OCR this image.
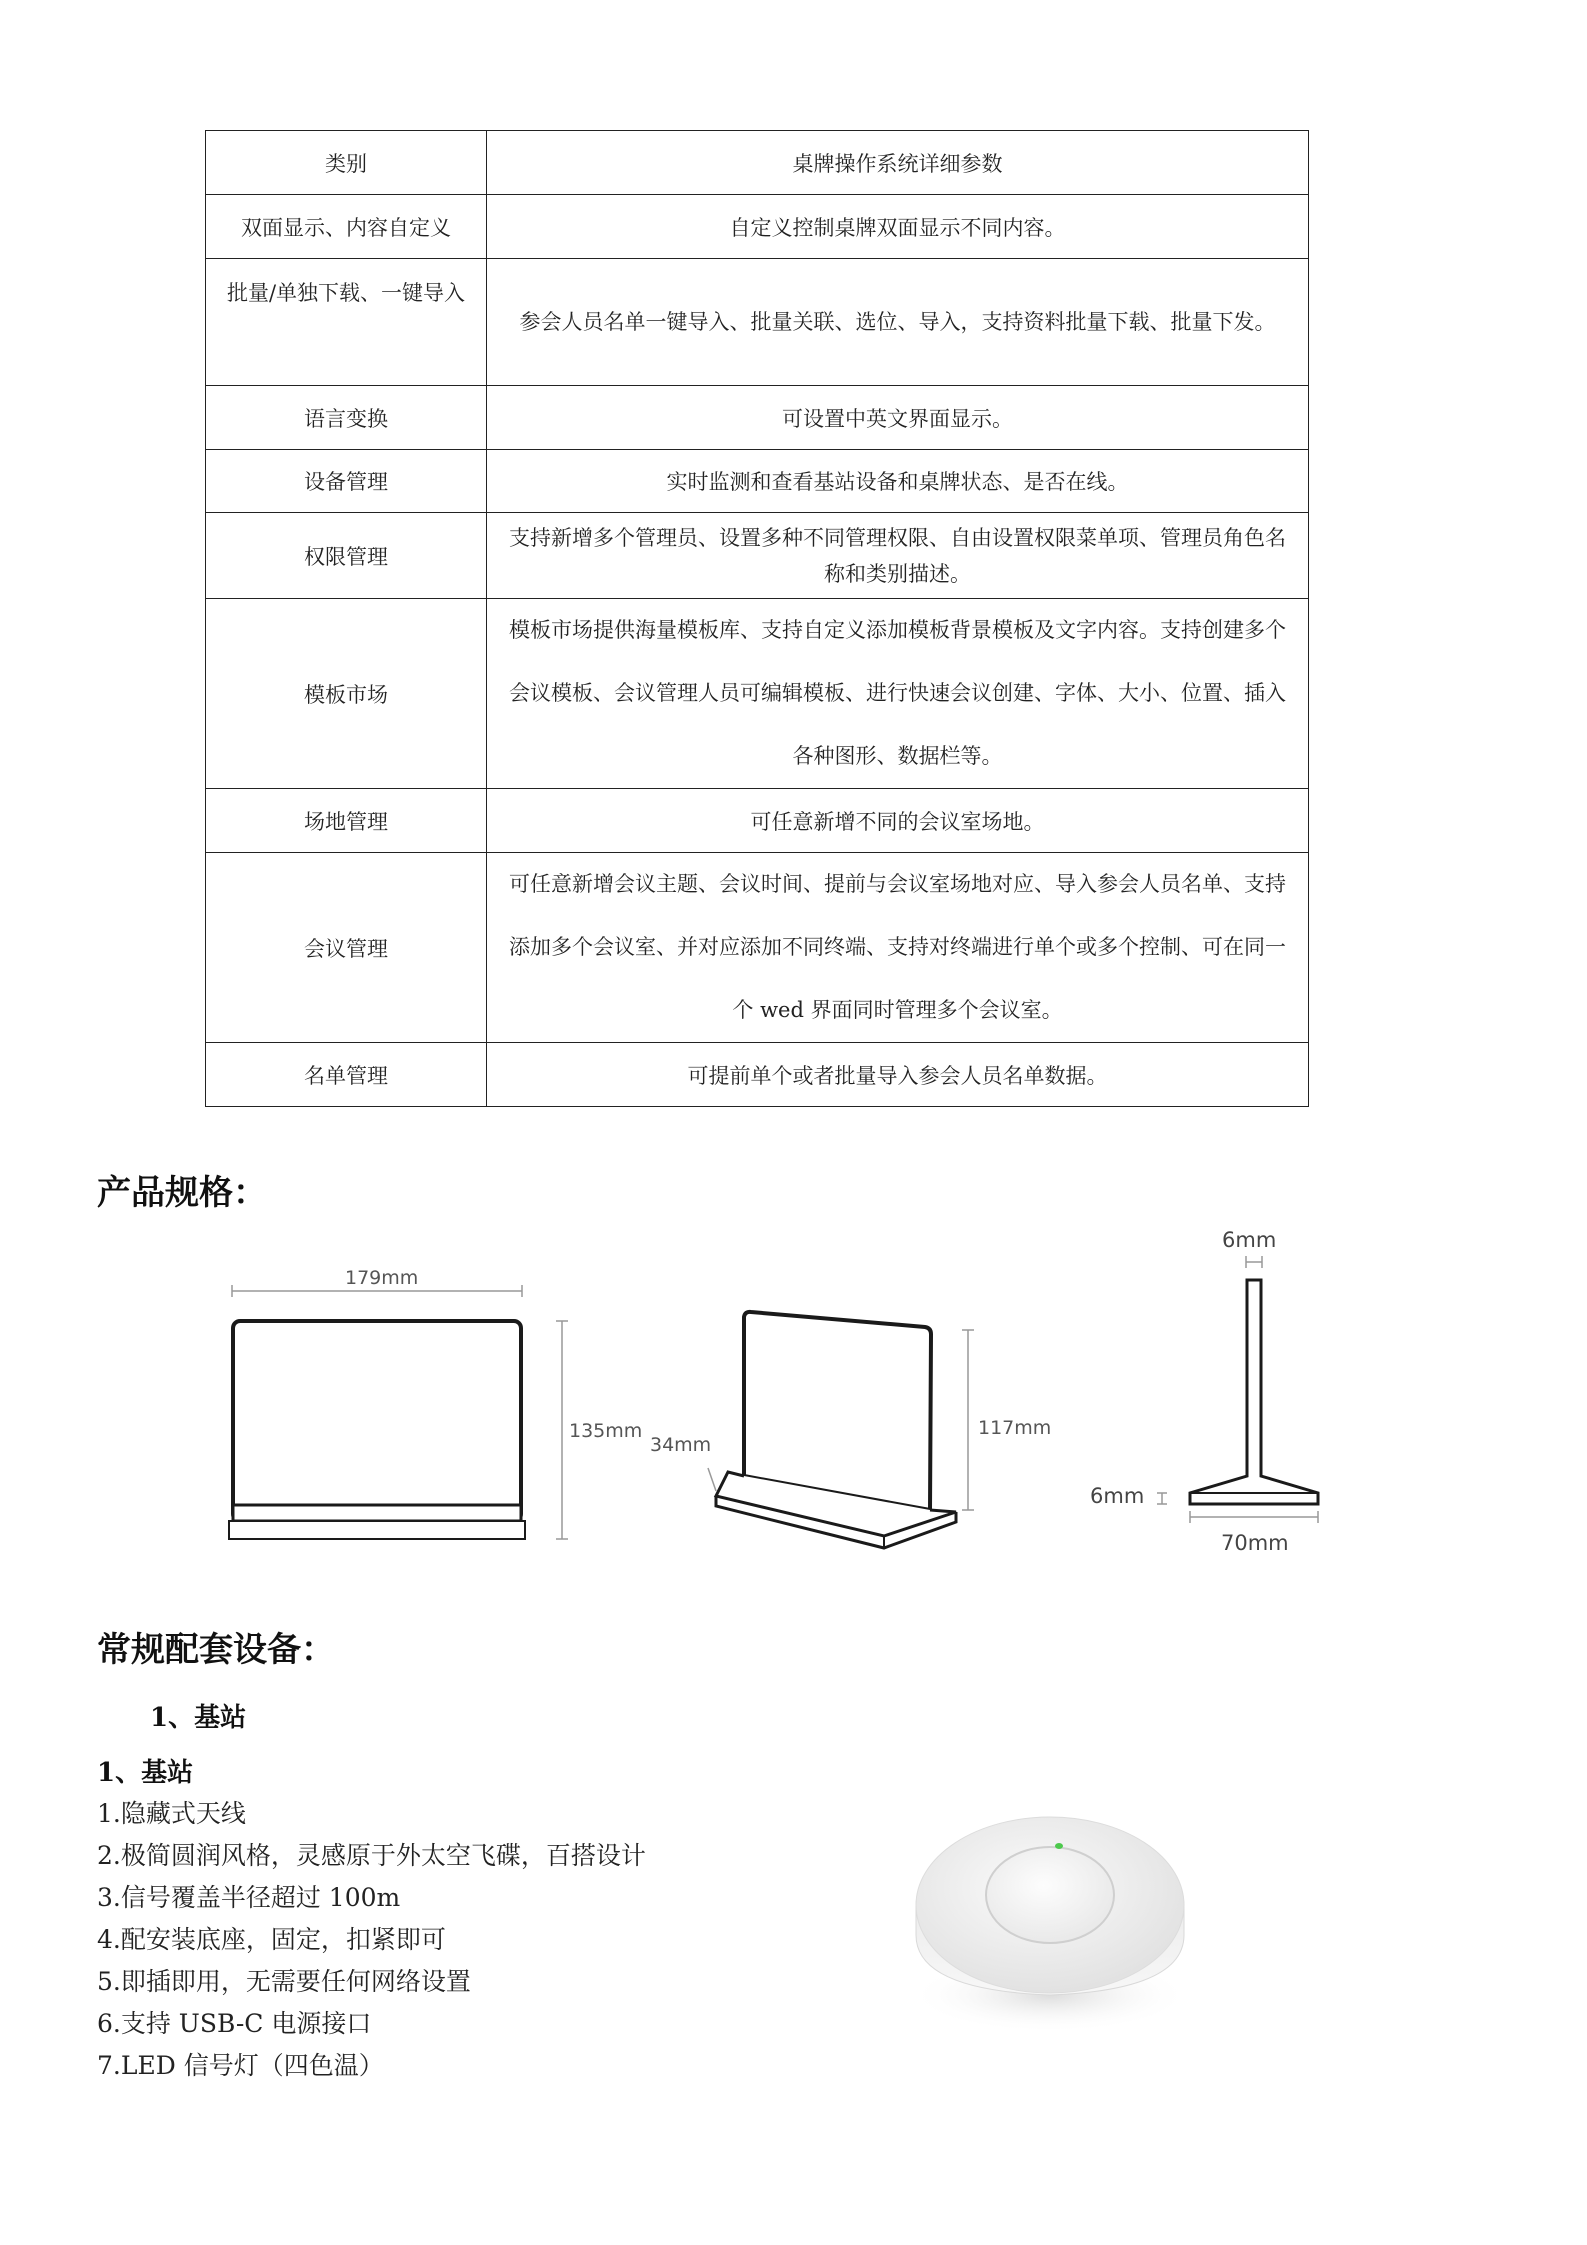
类别	桌牌操作系统详细参数
双面显示、内容自定义	自定义控制桌牌双面显示不同内容。
批量/单独下载、一键导入	参会人员名单一键导入、批量关联、选位、导入，支持资料批量下载、批量下发。
语言变换	可设置中英文界面显示。
设备管理	实时监测和查看基站设备和桌牌状态、是否在线。
权限管理	支持新增多个管理员、设置多种不同管理权限、自由设置权限菜单项、管理员角色名称和类别描述。
模板市场	模板市场提供海量模板库、支持自定义添加模板背景模板及文字内容。支持创建多个会议模板、会议管理人员可编辑模板、进行快速会议创建、字体、大小、位置、插入各种图形、数据栏等。
场地管理	可任意新增不同的会议室场地。
会议管理	可任意新增会议主题、会议时间、提前与会议室场地对应、导入参会人员名单、支持添加多个会议室、并对应添加不同终端、支持对终端进行单个或多个控制、可在同一个 wed 界面同时管理多个会议室。
名单管理	可提前单个或者批量导入参会人员名单数据。
产品规格：
179mm
135mm
34mm
117mm
6mm
6mm
70mm
常规配套设备：
1、基站
1、基站
1.隐藏式天线
2.极简圆润风格，灵感原于外太空飞碟，百搭设计
3.信号覆盖半径超过 100m
4.配安装底座，固定，扣紧即可
5.即插即用，无需要任何网络设置
6.支持 USB-C 电源接口
7.LED 信号灯（四色温）
